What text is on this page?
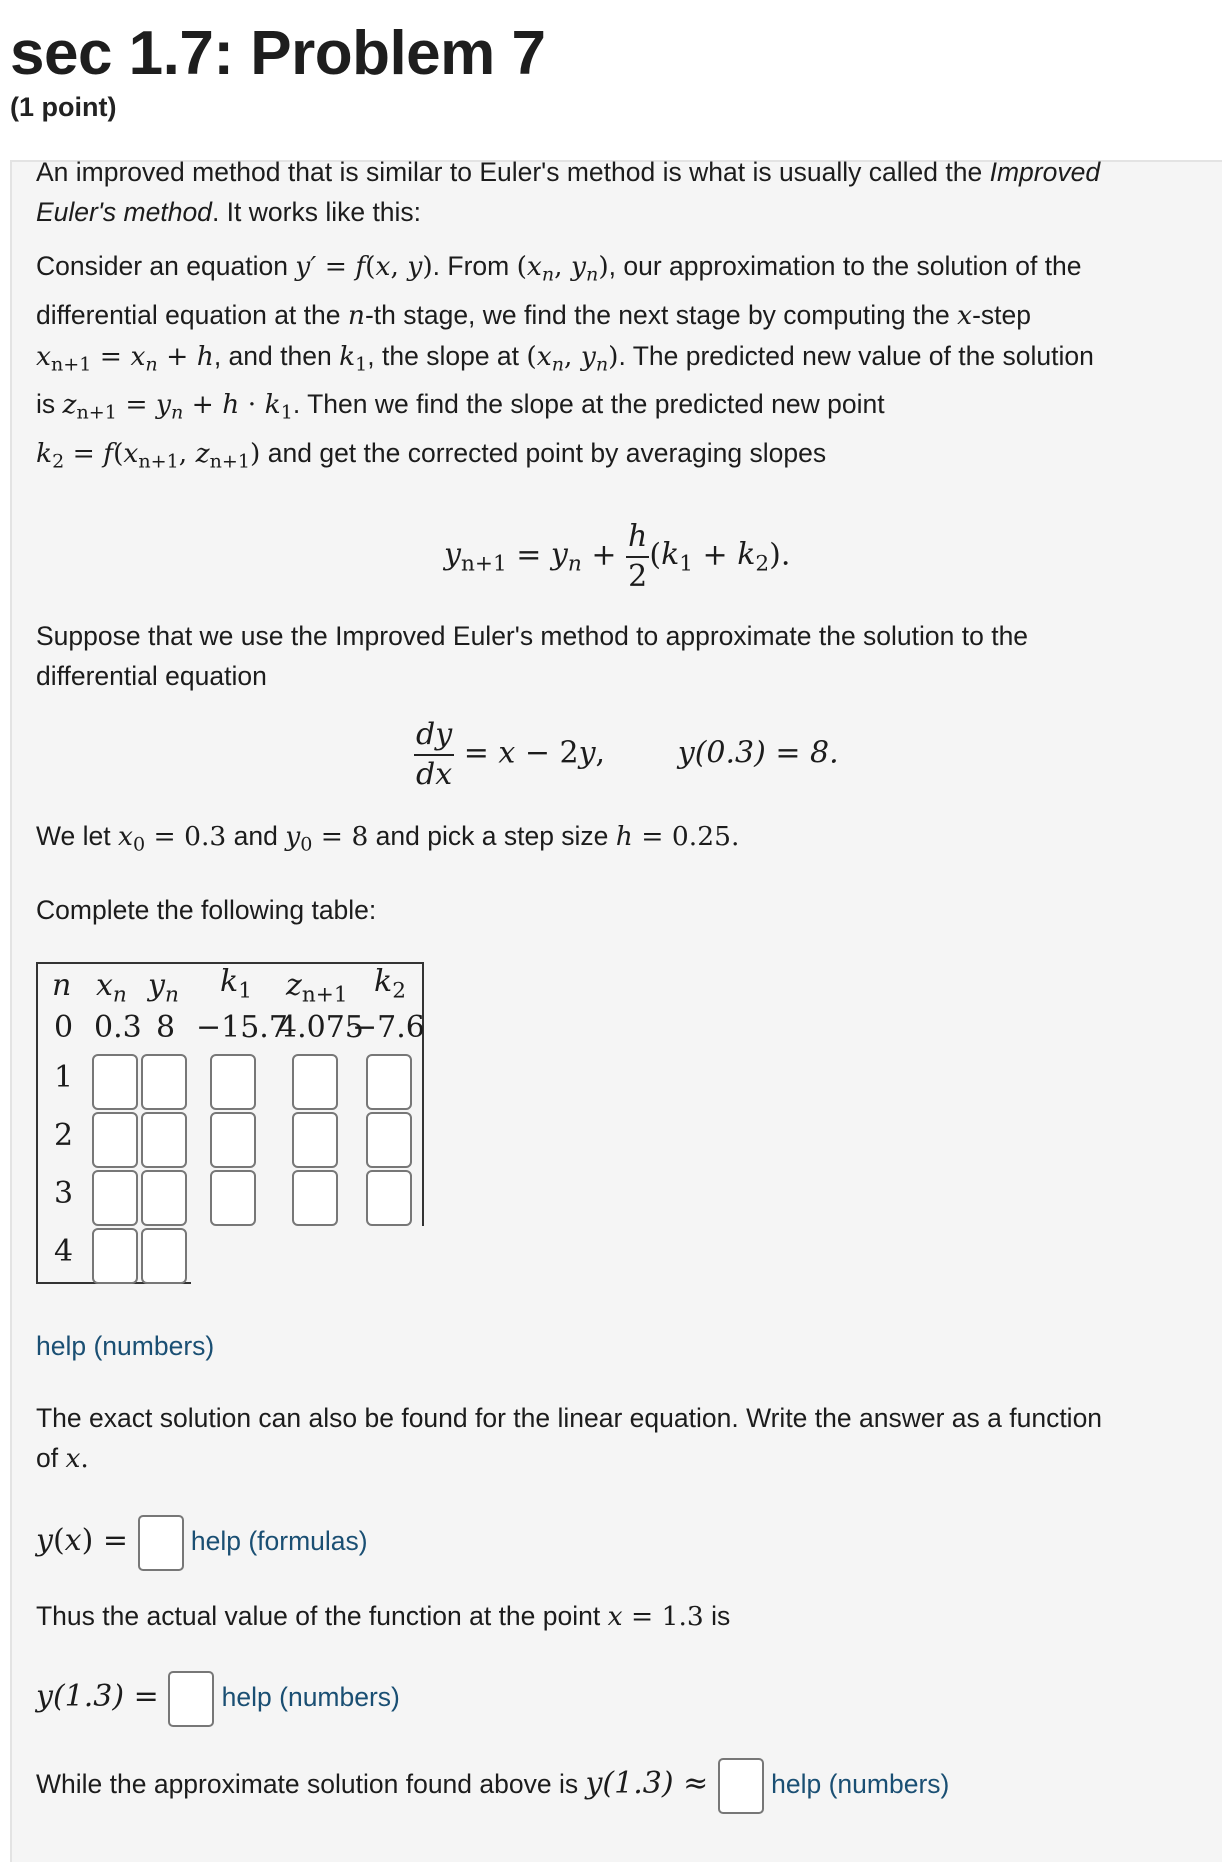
sec 1.7: Problem 7
(1 point)
An improved method that is similar to Euler's method is what is usually called the Improved
Euler's method. It works like this:
Consider an equation y′ = f(x, y). From ($x_n$, $y_n$), our approximation to the solution of the
differential equation at the n-th stage, we find the next stage by computing the x-step
$x_{n+1} = x_n + h$, and then $k_1$, the slope at ($x_n$, $y_n$). The predicted new value of the solution
is $z_{n+1} = y_n + h \cdot k_1$. Then we find the slope at the predicted new point
$k_2 = f(x_{n+1}$, $z_{n+1}$) and get the corrected point by averaging slopes
$y_{n+1} = y_n + \frac{h}{2} (k_1 + k_2)$.
Suppose that we use the Improved Euler's method to approximate the solution to the
differential equation
$\frac{dy}{dx} = x - 2y$, y(0.3) = 8.
We let $x_0 = 0.3$ and $y_0 = 8$ and pick a step size h = 0.25.
Complete the following table:
n $x_n$ $y_n$ $k_1$ $z_{n+1}$ $k_2$
0 0.3 8 −15.7
4.075
−7.6
1
2
3
4
help (numbers)
The exact solution can also be found for the linear equation. Write the answer as a function
of x.
y(x) =  help (formulas)
Thus the actual value of the function at the point x = 1.3 is
y(1.3) =  help (numbers)
While the approximate solution found above is y(1.3) ≈  help (numbers)
